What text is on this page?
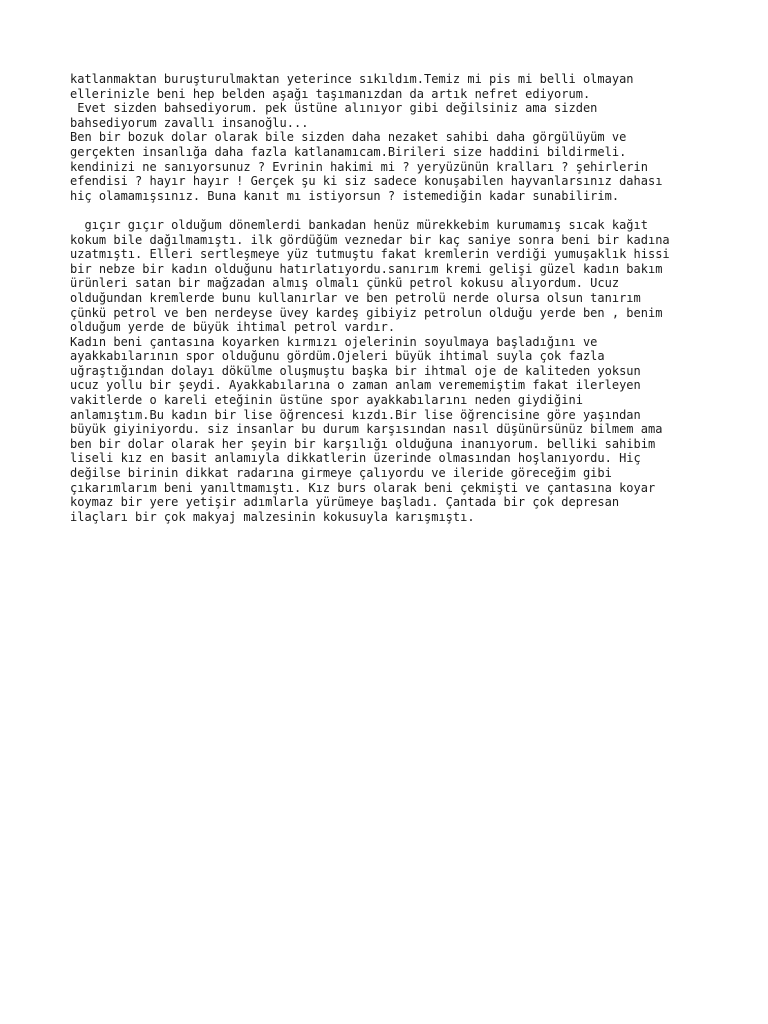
katlanmaktan buruşturulmaktan yeterince sıkıldım.Temiz mi pis mi belli olmayan
ellerinizle beni hep belden aşağı taşımanızdan da artık nefret ediyorum.
Evet sizden bahsediyorum. pek üstüne alınıyor gibi değilsiniz ama sizden
bahsediyorum zavallı insanoğlu...
Ben bir bozuk dolar olarak bile sizden daha nezaket sahibi daha görgülüyüm ve
gerçekten insanlığa daha fazla katlanamıcam.Birileri size haddini bildirmeli.
kendinizi ne sanıyorsunuz ? Evrinin hakimi mi ? yeryüzünün kralları ? şehirlerin
efendisi ? hayır hayır ! Gerçek şu ki siz sadece konuşabilen hayvanlarsınız dahası
hiç olamamışsınız. Buna kanıt mı istiyorsun ? istemediğin kadar sunabilirim.
gıçır gıçır olduğum dönemlerdi bankadan henüz mürekkebim kurumamış sıcak kağıt
kokum bile dağılmamıştı. ilk gördüğüm veznedar bir kaç saniye sonra beni bir kadına
uzatmıştı. Elleri sertleşmeye yüz tutmuştu fakat kremlerin verdiği yumuşaklık hissi
bir nebze bir kadın olduğunu hatırlatıyordu.sanırım kremi gelişi güzel kadın bakım
ürünleri satan bir mağzadan almış olmalı çünkü petrol kokusu alıyordum. Ucuz
olduğundan kremlerde bunu kullanırlar ve ben petrolü nerde olursa olsun tanırım
çünkü petrol ve ben nerdeyse üvey kardeş gibiyiz petrolun olduğu yerde ben , benim
olduğum yerde de büyük ihtimal petrol vardır.
Kadın beni çantasına koyarken kırmızı ojelerinin soyulmaya başladığını ve
ayakkabılarının spor olduğunu gördüm.Ojeleri büyük ihtimal suyla çok fazla
uğraştığından dolayı dökülme oluşmuştu başka bir ihtmal oje de kaliteden yoksun
ucuz yollu bir şeydi. Ayakkabılarına o zaman anlam verememiştim fakat ilerleyen
vakitlerde o kareli eteğinin üstüne spor ayakkabılarını neden giydiğini
anlamıştım.Bu kadın bir lise öğrencesi kızdı.Bir lise öğrencisine göre yaşından
büyük giyiniyordu. siz insanlar bu durum karşısından nasıl düşünürsünüz bilmem ama
ben bir dolar olarak her şeyin bir karşılığı olduğuna inanıyorum. belliki sahibim
liseli kız en basit anlamıyla dikkatlerin üzerinde olmasından hoşlanıyordu. Hiç
değilse birinin dikkat radarına girmeye çalıyordu ve ileride göreceğim gibi
çıkarımlarım beni yanıltmamıştı. Kız burs olarak beni çekmişti ve çantasına koyar
koymaz bir yere yetişir adımlarla yürümeye başladı. Çantada bir çok depresan
ilaçları bir çok makyaj malzesinin kokusuyla karışmıştı.
